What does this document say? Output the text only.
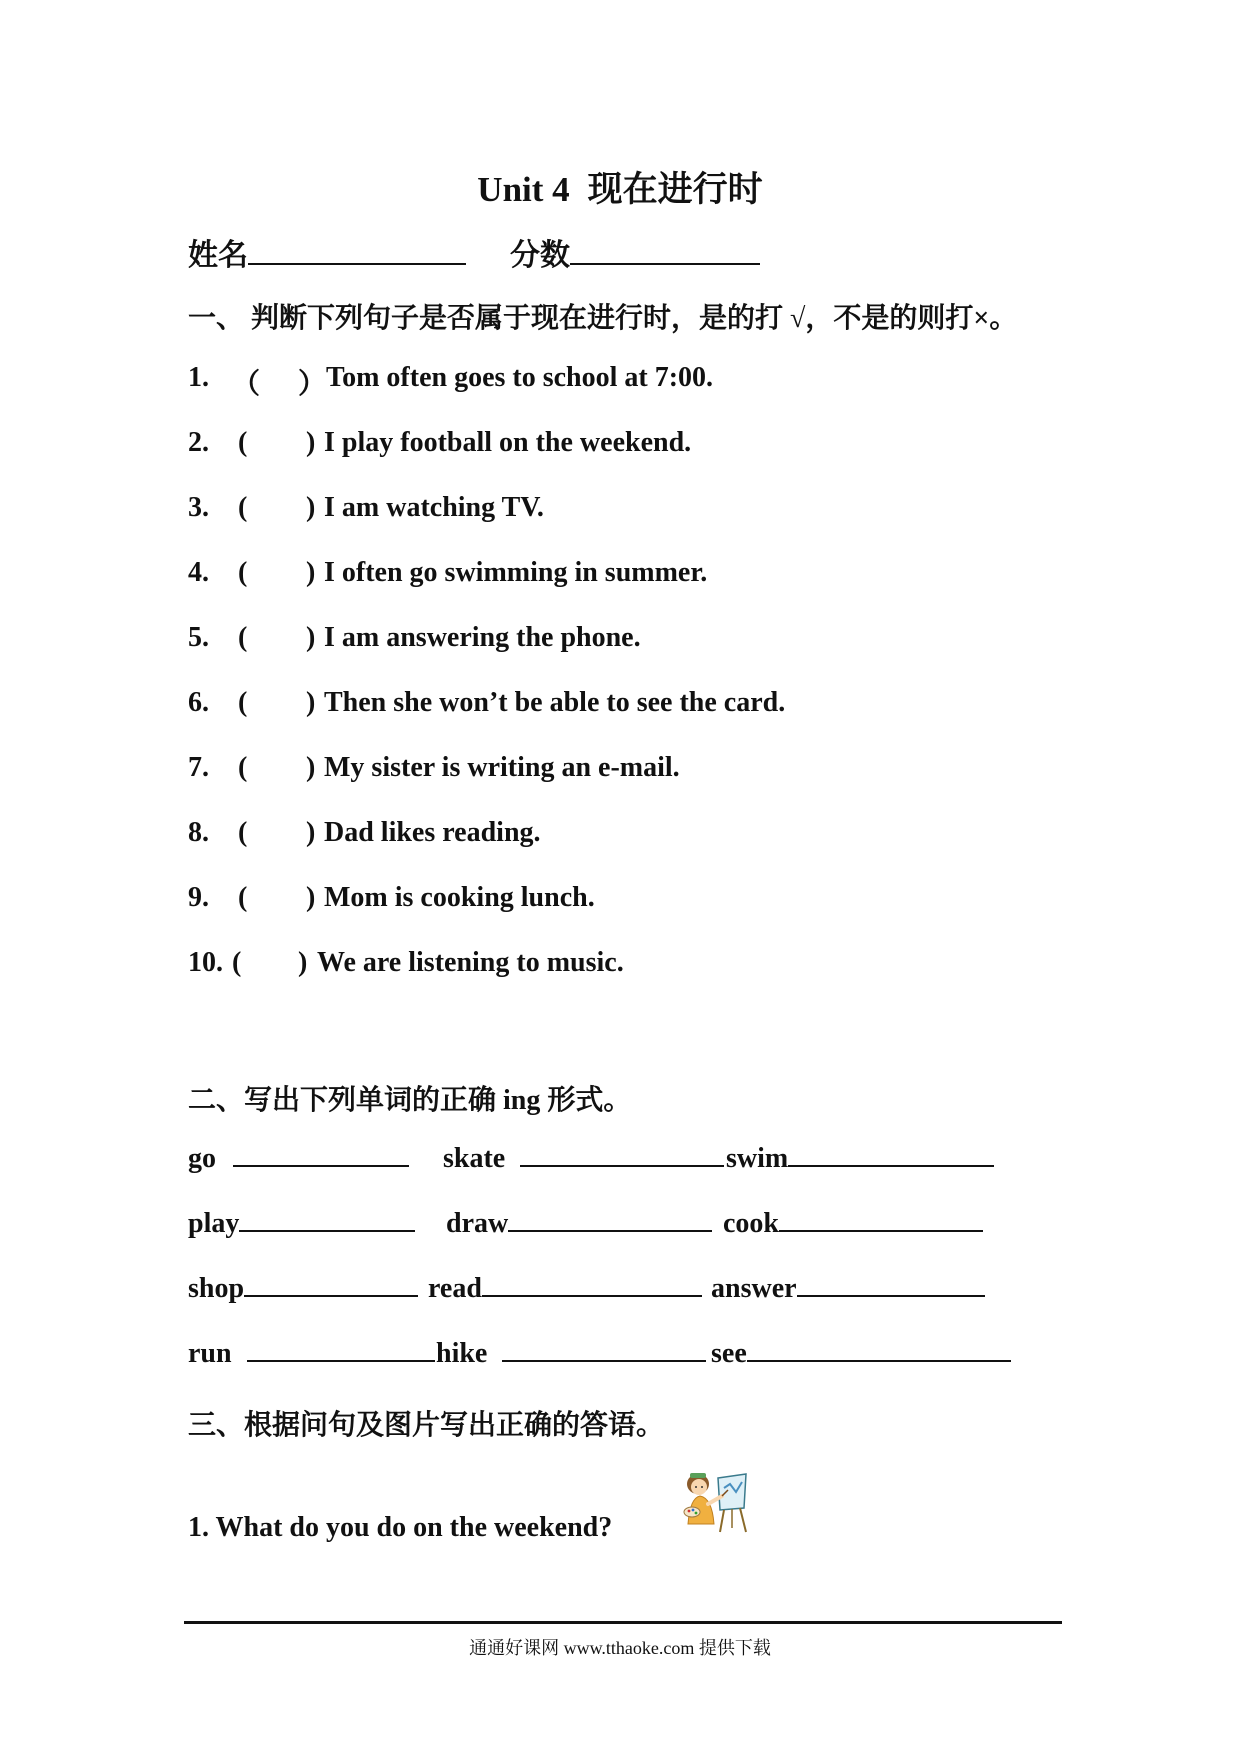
Unit 4 现在进行时
姓名	分数
一、 判断下列句子是否属于现在进行时，是的打 √，不是的则打×。
1. （ ） Tom often goes to school at 7:00.
2. ( ) I play football on the weekend.
3. ( ) I am watching TV.
4. ( ) I often go swimming in summer.
5. ( ) I am answering the phone.
6. ( ) Then she won’t be able to see the card.
7. ( ) My sister is writing an e-mail.
8. ( ) Dad likes reading.
9. ( ) Mom is cooking lunch.
10. ( ) We are listening to music.
二、写出下列单词的正确 ing 形式。
go	skate	swim
play	draw	cook
shop	read	answer
run	hike	see
三、根据问句及图片写出正确的答语。
1. What do you do on the weekend?
通通好课网 www.tthaoke.com 提供下载
